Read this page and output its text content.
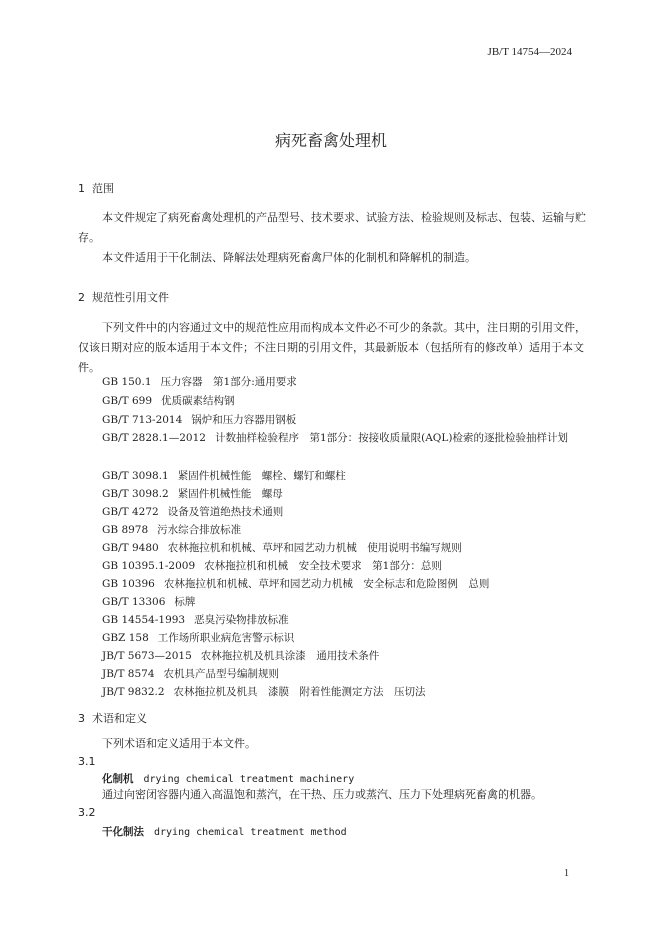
JB/T 14754—2024
病死畜禽处理机
1 范围

本文件规定了病死畜禽处理机的产品型号、技术要求、试验方法、检验规则及标志、包装、运输与贮存。

本文件适用于干化制法、降解法处理病死畜禽尸体的化制机和降解机的制造。

2 规范性引用文件

下列文件中的内容通过文中的规范性应用而构成本文件必不可少的条款。其中，注日期的引用文件，仅该日期对应的版本适用于本文件；不注日期的引用文件，其最新版本（包括所有的修改单）适用于本文件。

GB 150.1 压力容器　第1部分:通用要求

GB/T 699 优质碳素结构钢

GB/T 713-2014 锅炉和压力容器用钢板

GB/T 2828.1—2012 计数抽样检验程序　第1部分：按接收质量限(AQL)检索的逐批检验抽样计划

GB/T 3098.1 紧固件机械性能　螺栓、螺钉和螺柱

GB/T 3098.2 紧固件机械性能　螺母

GB/T 4272 设备及管道绝热技术通则

GB 8978 污水综合排放标准

GB/T 9480 农林拖拉机和机械、草坪和园艺动力机械　使用说明书编写规则

GB 10395.1-2009 农林拖拉机和机械　安全技术要求　第1部分：总则

GB 10396 农林拖拉机和机械、草坪和园艺动力机械　安全标志和危险图例　总则

GB/T 13306 标牌

GB 14554-1993 恶臭污染物排放标准

GBZ 158 工作场所职业病危害警示标识

JB/T 5673—2015 农林拖拉机及机具涂漆　通用技术条件

JB/T 8574 农机具产品型号编制规则

JB/T 9832.2 农林拖拉机及机具　漆膜　附着性能测定方法　压切法

3 术语和定义

下列术语和定义适用于本文件。

3.1
化制机 drying chemical treatment machinery

通过向密闭容器内通入高温饱和蒸汽，在干热、压力或蒸汽、压力下处理病死畜禽的机器。

3.2
干化制法 drying chemical treatment method
1
